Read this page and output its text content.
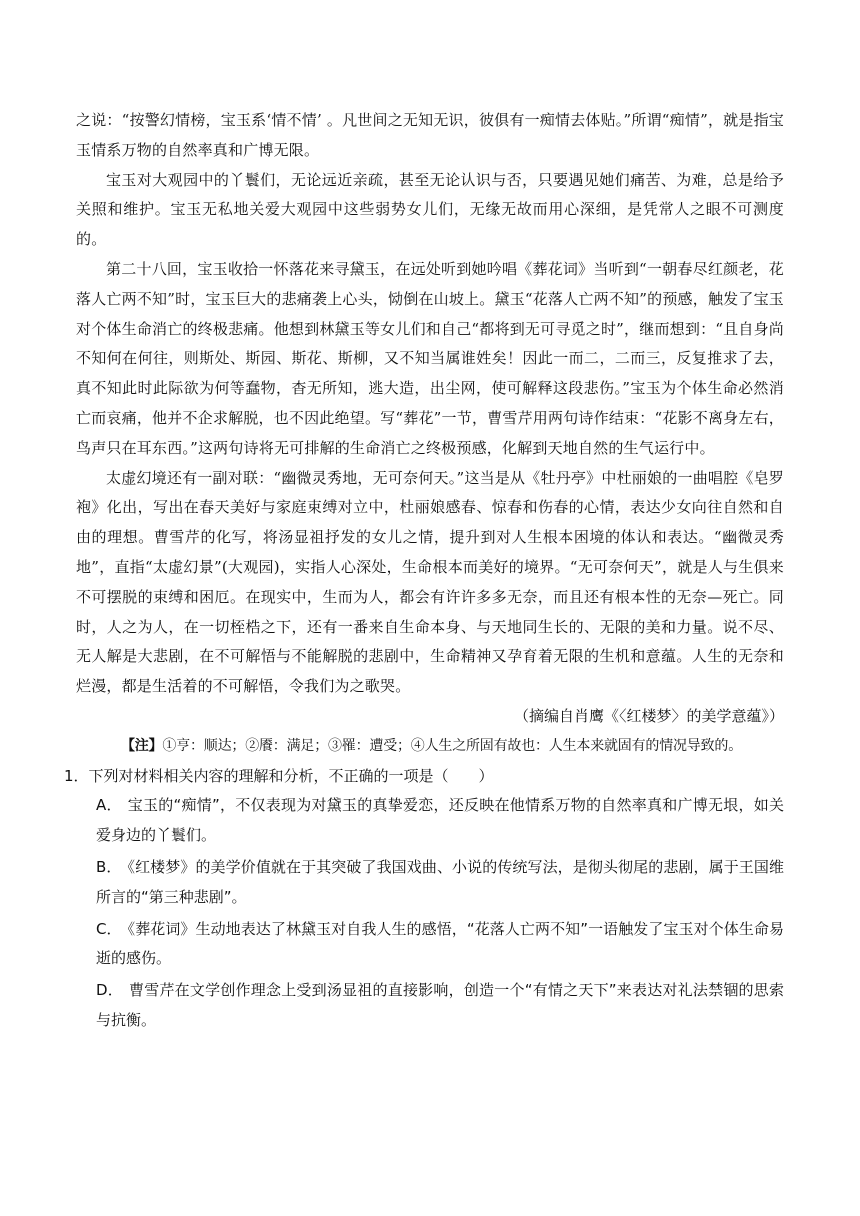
之说：“按警幻情榜，宝玉系‘情不情’ 。凡世间之无知无识，彼俱有一痴情去体贴。”所谓“痴情”，就是指宝玉情系万物的自然率真和广博无限。

宝玉对大观园中的丫鬟们，无论远近亲疏，甚至无论认识与否，只要遇见她们痛苦、为难，总是给予关照和维护。宝玉无私地关爱大观园中这些弱势女儿们，无缘无故而用心深细，是凭常人之眼不可测度的。

第二十八回，宝玉收拾一怀落花来寻黛玉，在远处听到她吟唱《葬花词》当听到“一朝春尽红颜老，花落人亡两不知”时，宝玉巨大的悲痛袭上心头，恸倒在山坡上。黛玉“花落人亡两不知”的预感，触发了宝玉对个体生命消亡的终极悲痛。他想到林黛玉等女儿们和自己“都将到无可寻觅之时”，继而想到：“且自身尚不知何在何往，则斯处、斯园、斯花、斯柳，又不知当属谁姓矣！因此一而二，二而三，反复推求了去，真不知此时此际欲为何等蠢物，杳无所知，逃大造，出尘网，使可解释这段悲伤。”宝玉为个体生命必然消亡而哀痛，他并不企求解脱，也不因此绝望。写“葬花”一节，曹雪芹用两句诗作结束：“花影不离身左右，鸟声只在耳东西。”这两句诗将无可排解的生命消亡之终极预感，化解到天地自然的生气运行中。

太虚幻境还有一副对联：“幽微灵秀地，无可奈何天。”这当是从《牡丹亭》中杜丽娘的一曲唱腔《皂罗袍》化出，写出在春天美好与家庭束缚对立中，杜丽娘感春、惊春和伤春的心情，表达少女向往自然和自由的理想。曹雪芹的化写，将汤显祖抒发的女儿之情，提升到对人生根本困境的体认和表达。“幽微灵秀地”，直指“太虚幻景”(大观园)，实指人心深处，生命根本而美好的境界。“无可奈何天”，就是人与生俱来不可摆脱的束缚和困厄。在现实中，生而为人，都会有许许多多无奈，而且还有根本性的无奈—死亡。同时，人之为人，在一切桎梏之下，还有一番来自生命本身、与天地同生长的、无限的美和力量。说不尽、无人解是大悲剧，在不可解悟与不能解脱的悲剧中，生命精神又孕育着无限的生机和意蕴。人生的无奈和烂漫，都是生活着的不可解悟，令我们为之歌哭。

（摘编自肖鹰《〈红楼梦〉的美学意蕴》）

【注】①亨：顺达；②餍：满足；③罹：遭受；④人生之所固有故也：人生本来就固有的情况导致的。

1．下列对材料相关内容的理解和分析，不正确的一项是（　　）

A． 宝玉的“痴情”，不仅表现为对黛玉的真挚爱恋，还反映在他情系万物的自然率真和广博无垠，如关爱身边的丫鬟们。

B． 《红楼梦》的美学价值就在于其突破了我国戏曲、小说的传统写法，是彻头彻尾的悲剧，属于王国维所言的“第三种悲剧”。

C． 《葬花词》生动地表达了林黛玉对自我人生的感悟，“花落人亡两不知”一语触发了宝玉对个体生命易逝的感伤。

D． 曹雪芹在文学创作理念上受到汤显祖的直接影响，创造一个“有情之天下”来表达对礼法禁锢的思索与抗衡。
